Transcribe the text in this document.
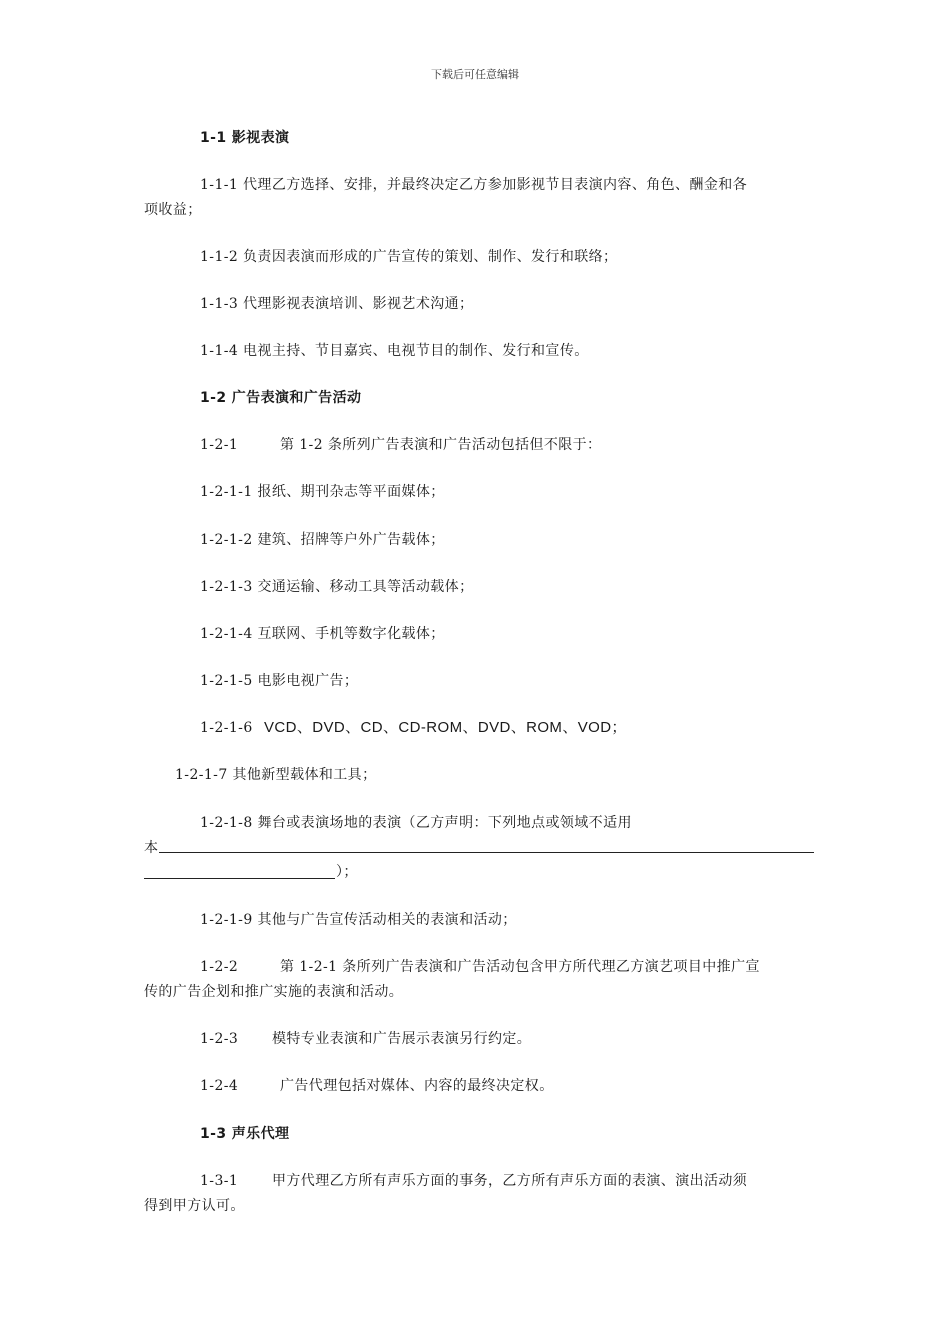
下载后可任意编辑
1-1 影视表演
1-1-1 代理乙方选择、安排，并最终决定乙方参加影视节目表演内容、角色、酬金和各
项收益；
1-1-2 负责因表演而形成的广告宣传的策划、制作、发行和联络；
1-1-3 代理影视表演培训、影视艺术沟通；
1-1-4 电视主持、节目嘉宾、电视节目的制作、发行和宣传。
1-2 广告表演和广告活动
1-2-1	第 1-2 条所列广告表演和广告活动包括但不限于：
1-2-1-1 报纸、期刊杂志等平面媒体；
1-2-1-2 建筑、招牌等户外广告载体；
1-2-1-3 交通运输、移动工具等活动载体；
1-2-1-4 互联网、手机等数字化载体；
1-2-1-5 电影电视广告；
1-2-1-6 VCD、DVD、CD、CD-ROM、DVD、ROM、VOD；
1-2-1-7 其他新型载体和工具；
1-2-1-8 舞台或表演场地的表演（乙方声明：下列地点或领域不适用
本
）；
1-2-1-9 其他与广告宣传活动相关的表演和活动；
1-2-2	第 1-2-1 条所列广告表演和广告活动包含甲方所代理乙方演艺项目中推广宣
传的广告企划和推广实施的表演和活动。
1-2-3 模特专业表演和广告展示表演另行约定。
1-2-4	广告代理包括对媒体、内容的最终决定权。
1-3 声乐代理
1-3-1 甲方代理乙方所有声乐方面的事务，乙方所有声乐方面的表演、演出活动须
得到甲方认可。
